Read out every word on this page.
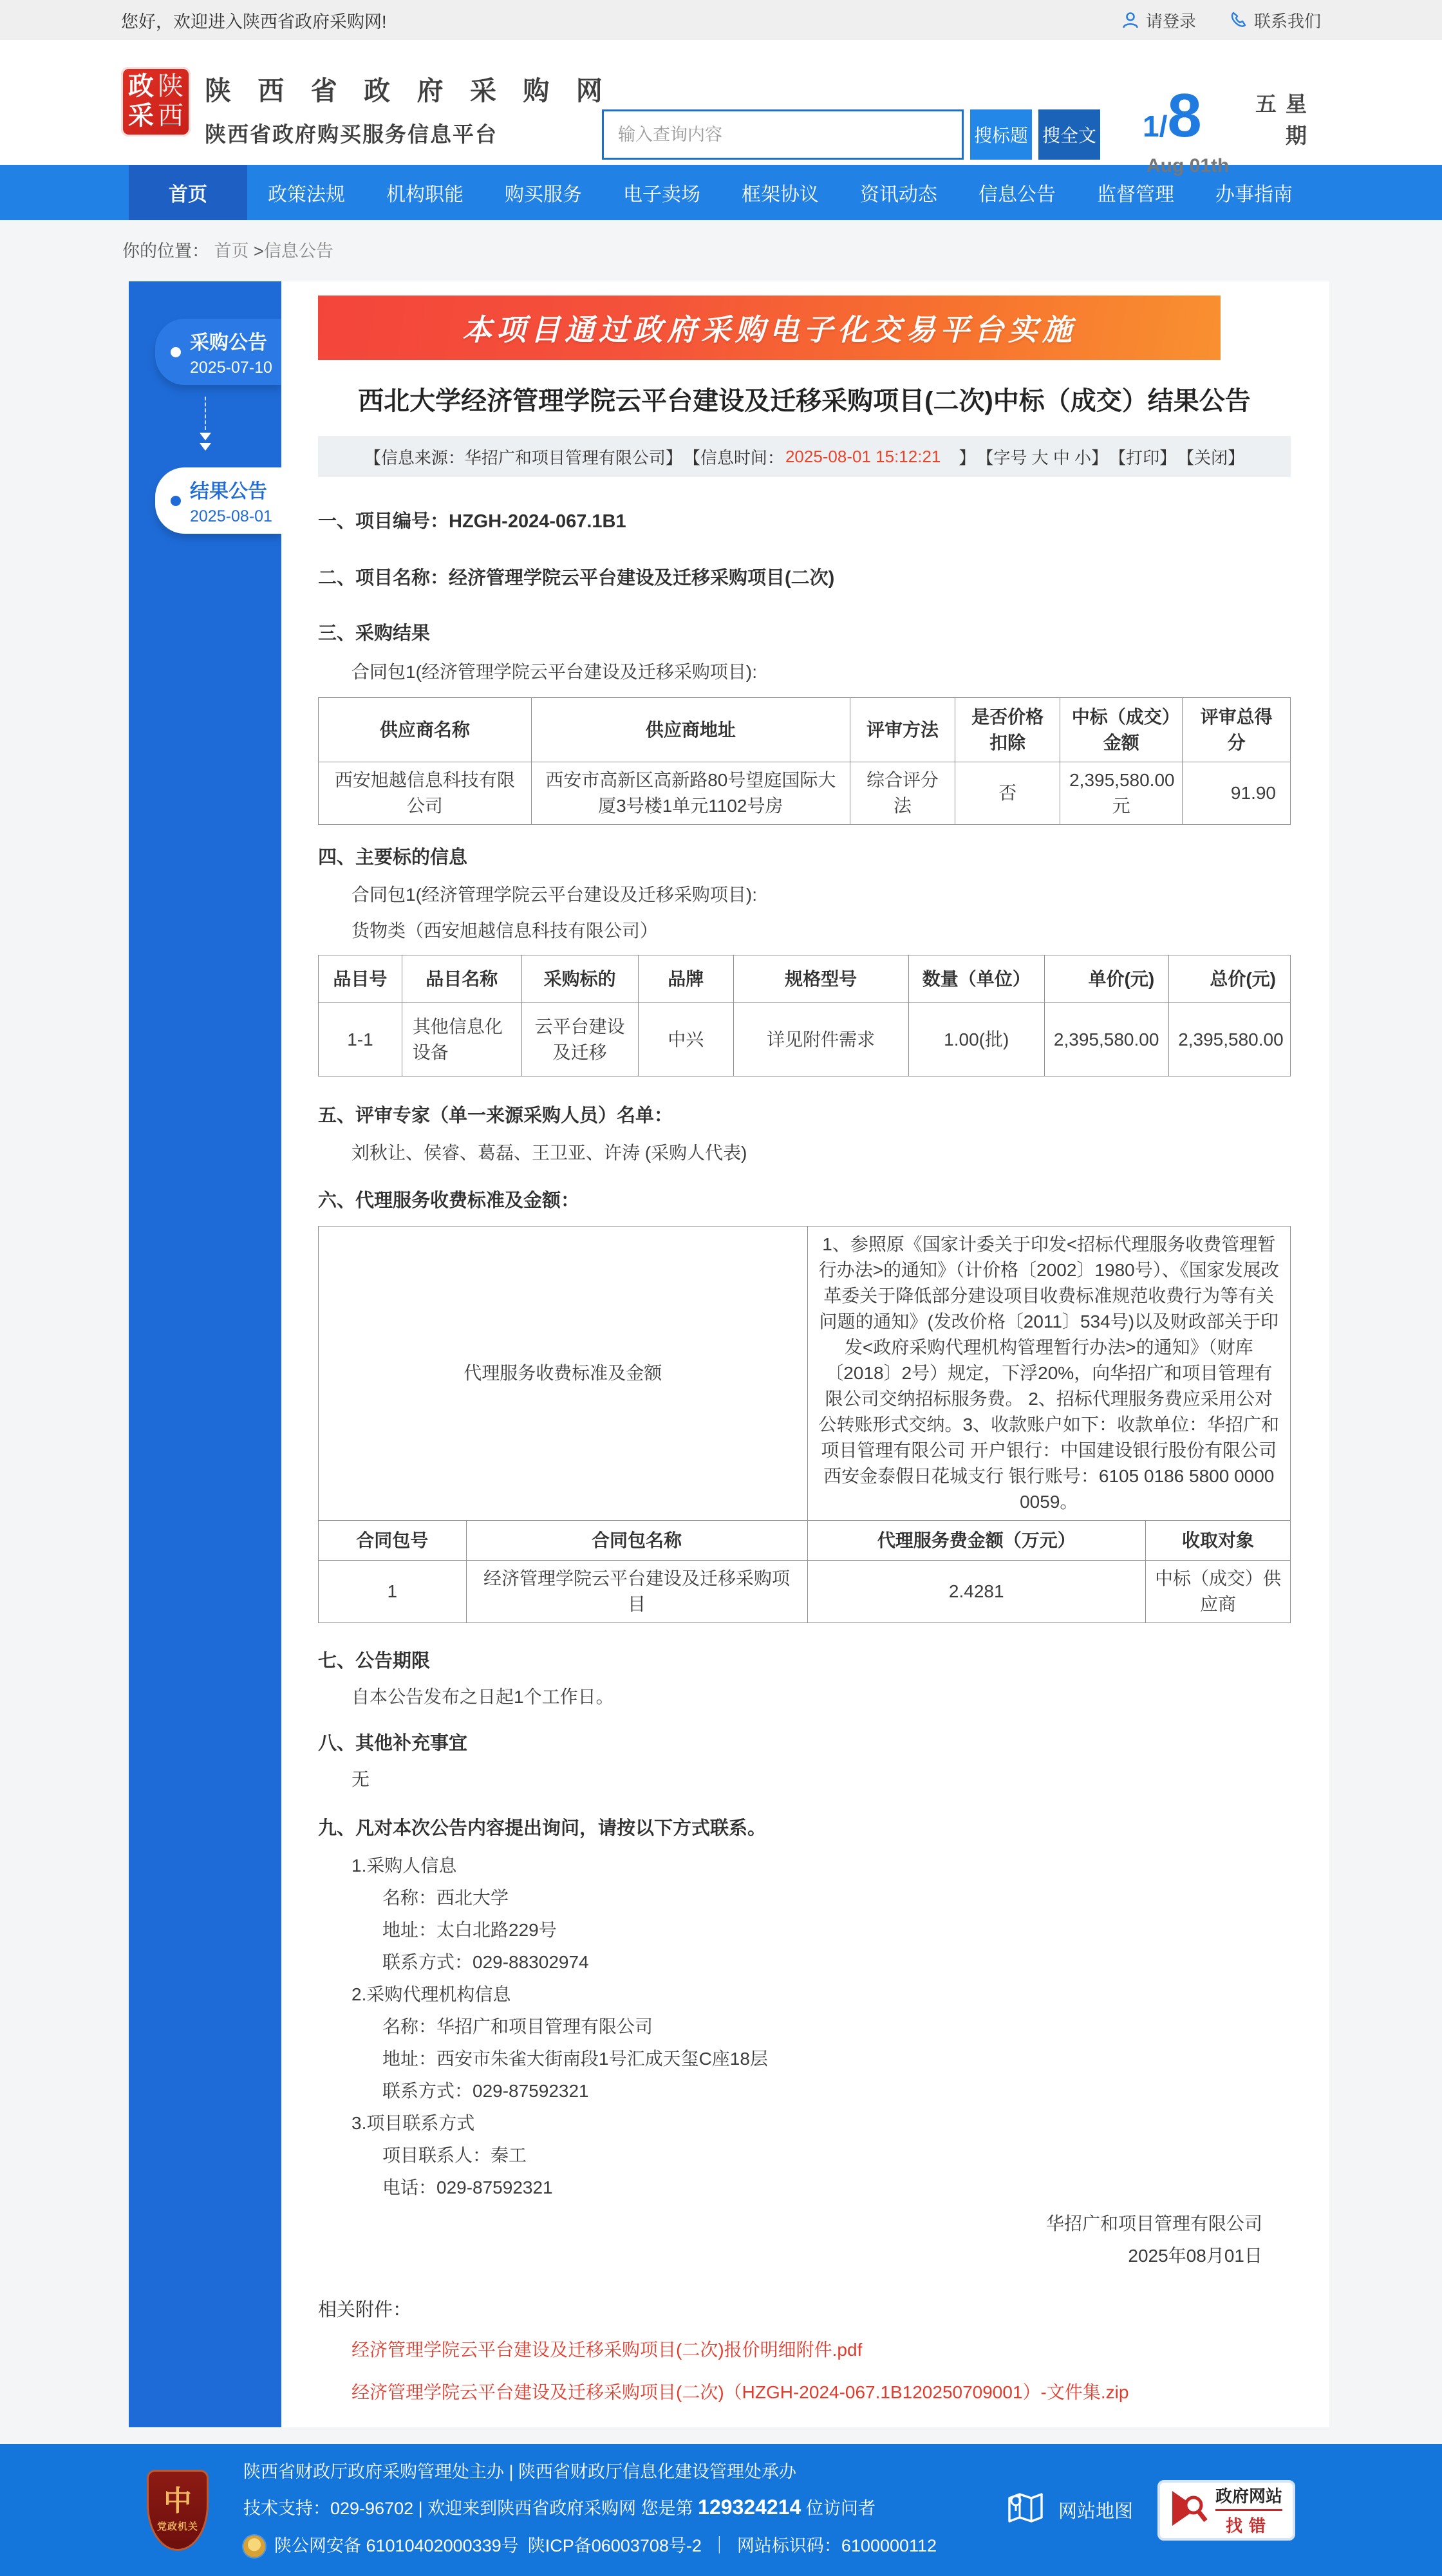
您好，欢迎进入陕西省政府采购网!	请登录	联系我们
政 陕
采 西
陕 西 省 政 府 采 购 网
陕西省政府购买服务信息平台
输入查询内容	搜标题 搜全文 1/8
Aug 01th
星期五
首页	政策法规	机构职能	购买服务	电子卖场	框架协议	资讯动态	信息公告	监督管理	办事指南
你的位置： 首页 >信息公告
采购公告
2025-07-10
结果公告
2025-08-01
本项目通过政府采购电子化交易平台实施
西北大学经济管理学院云平台建设及迁移采购项目(二次)中标（成交）结果公告
【信息来源：华招广和项目管理有限公司】 【信息时间： 2025-08-01 15:12:21 　】 【字号 大 中 小】 【打印】 【关闭】
一、项目编号：HZGH-2024-067.1B1
二、项目名称：经济管理学院云平台建设及迁移采购项目(二次)
三、采购结果
合同包1(经济管理学院云平台建设及迁移采购项目):
供应商名称	供应商地址	评审方法	是否价格扣除	中标（成交）金额	评审总得分
西安旭越信息科技有限公司	西安市高新区高新路80号望庭国际大厦3号楼1单元1102号房	综合评分法	否	2,395,580.00元	91.90
四、主要标的信息
合同包1(经济管理学院云平台建设及迁移采购项目):
货物类（西安旭越信息科技有限公司）
品目号	品目名称	采购标的	品牌	规格型号	数量（单位）	单价(元)	总价(元)
1-1	其他信息化设备	云平台建设及迁移	中兴	详见附件需求	1.00(批)	2,395,580.00	2,395,580.00
五、评审专家（单一来源采购人员）名单：
刘秋让、侯睿、葛磊、王卫亚、许涛 (采购人代表)
六、代理服务收费标准及金额：
代理服务收费标准及金额		1、参照原《国家计委关于印发<招标代理服务收费管理暂行办法>的通知》（计价格〔2002〕1980号）、《国家发展改革委关于降低部分建设项目收费标准规范收费行为等有关问题的通知》(发改价格〔2011〕534号)以及财政部关于印发<政府采购代理机构管理暂行办法>的通知》（财库〔2018〕2号）规定，下浮20%，向华招广和项目管理有限公司交纳招标服务费。 2、招标代理服务费应采用公对公转账形式交纳。3、收款账户如下：收款单位：华招广和项目管理有限公司 开户银行：中国建设银行股份有限公司西安金泰假日花城支行 银行账号：6105 0186 5800 0000 0059。	
合同包号	合同包名称	代理服务费金额（万元）	收取对象
1	经济管理学院云平台建设及迁移采购项目	2.4281	中标（成交）供应商
七、公告期限
自本公告发布之日起1个工作日。
八、其他补充事宜
无
九、凡对本次公告内容提出询问，请按以下方式联系。
1.采购人信息
名称：西北大学
地址：太白北路229号
联系方式：029-88302974
2.采购代理机构信息
名称：华招广和项目管理有限公司
地址：西安市朱雀大街南段1号汇成天玺C座18层
联系方式：029-87592321
3.项目联系方式
项目联系人：秦工
电话：029-87592321
华招广和项目管理有限公司
2025年08月01日
相关附件：
经济管理学院云平台建设及迁移采购项目(二次)报价明细附件.pdf
经济管理学院云平台建设及迁移采购项目(二次)（HZGH-2024-067.1B120250709001）-文件集.zip
中
党政机关
陕西省财政厅政府采购管理处主办 | 陕西省财政厅信息化建设管理处承办
技术支持：029-96702 | 欢迎来到陕西省政府采购网 您是第 129324214 位访问者
陕公网安备 61010402000339号 陕ICP备06003708号-2 ｜ 网站标识码：6100000112
网站地图
政府网站
找错
